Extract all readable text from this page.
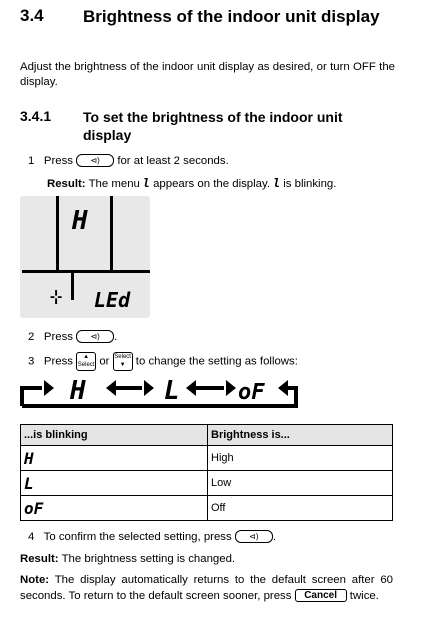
3.4 Brightness of the indoor unit display
Adjust the brightness of the indoor unit display as desired, or turn OFF the display.
3.4.1 To set the brightness of the indoor unit display
1 Press ⊲) for at least 2 seconds.
Result: The menu l appears on the display. l is blinking.
H
-¦- LEd
2 Press ⊲) .
3 Press ▲
Select or Select
▼ to change the setting as follows:
H	L	oF
...is blinking	Brightness is...
H	High
L	Low
oF	Off
4 To confirm the selected setting, press ⊲) .
Result: The brightness setting is changed.
Note: The display automatically returns to the default screen after 60 seconds. To return to the default screen sooner, press Cancel twice.
